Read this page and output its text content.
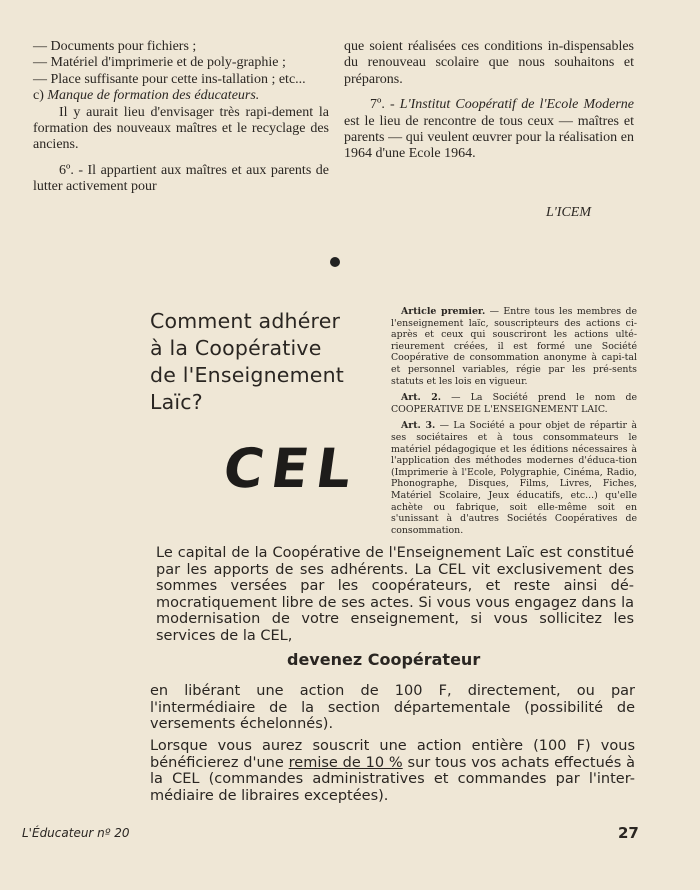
— Documents pour fichiers ;

— Matériel d'imprimerie et de poly-graphie ;

— Place suffisante pour cette ins-tallation ; etc...

c) Manque de formation des éducateurs.

Il y aurait lieu d'envisager très rapi-dement la formation des nouveaux maîtres et le recyclage des anciens.

6º. - Il appartient aux maîtres et aux parents de lutter activement pour

que soient réalisées ces conditions in-dispensables du renouveau scolaire que nous souhaitons et préparons.

7º. - L'Institut Coopératif de l'Ecole Moderne est le lieu de rencontre de tous ceux — maîtres et parents — qui veulent œuvrer pour la réalisation en 1964 d'une Ecole 1964.

L'ICEM
Comment adhérer
à la Coopérative
de l'Enseignement
Laïc?
CEL

Article premier. — Entre tous les membres de l'enseignement laïc, souscripteurs des actions ci-après et ceux qui souscriront les actions ulté-rieurement créées, il est formé une Société Coopérative de consommation anonyme à capi-tal et personnel variables, régie par les pré-sents statuts et les lois en vigueur.

Art. 2. — La Société prend le nom de COOPERATIVE DE L'ENSEIGNEMENT LAIC.

Art. 3. — La Société a pour objet de répartir à ses sociétaires et à tous consommateurs le matériel pédagogique et les éditions nécessaires à l'application des méthodes modernes d'éduca-tion (Imprimerie à l'Ecole, Polygraphie, Cinéma, Radio, Phonographe, Disques, Films, Livres, Fiches, Matériel Scolaire, Jeux éducatifs, etc...) qu'elle achète ou fabrique, soit elle-même soit en s'unissant à d'autres Sociétés Coopératives de consommation.

Le capital de la Coopérative de l'Enseignement Laïc est constitué par les apports de ses adhérents. La CEL vit exclusivement des sommes versées par les coopérateurs, et reste ainsi dé-mocratiquement libre de ses actes. Si vous vous engagez dans la modernisation de votre enseignement, si vous sollicitez les services de la CEL,
devenez Coopérateur
en libérant une action de 100 F, directement, ou par l'intermédiaire de la section départementale (possibilité de versements échelonnés).
Lorsque vous aurez souscrit une action entière (100 F) vous bénéficierez d'une remise de 10 % sur tous vos achats effectués à la CEL (commandes administratives et commandes par l'inter-médiaire de libraires exceptées).
L'Éducateur nº 20	27
